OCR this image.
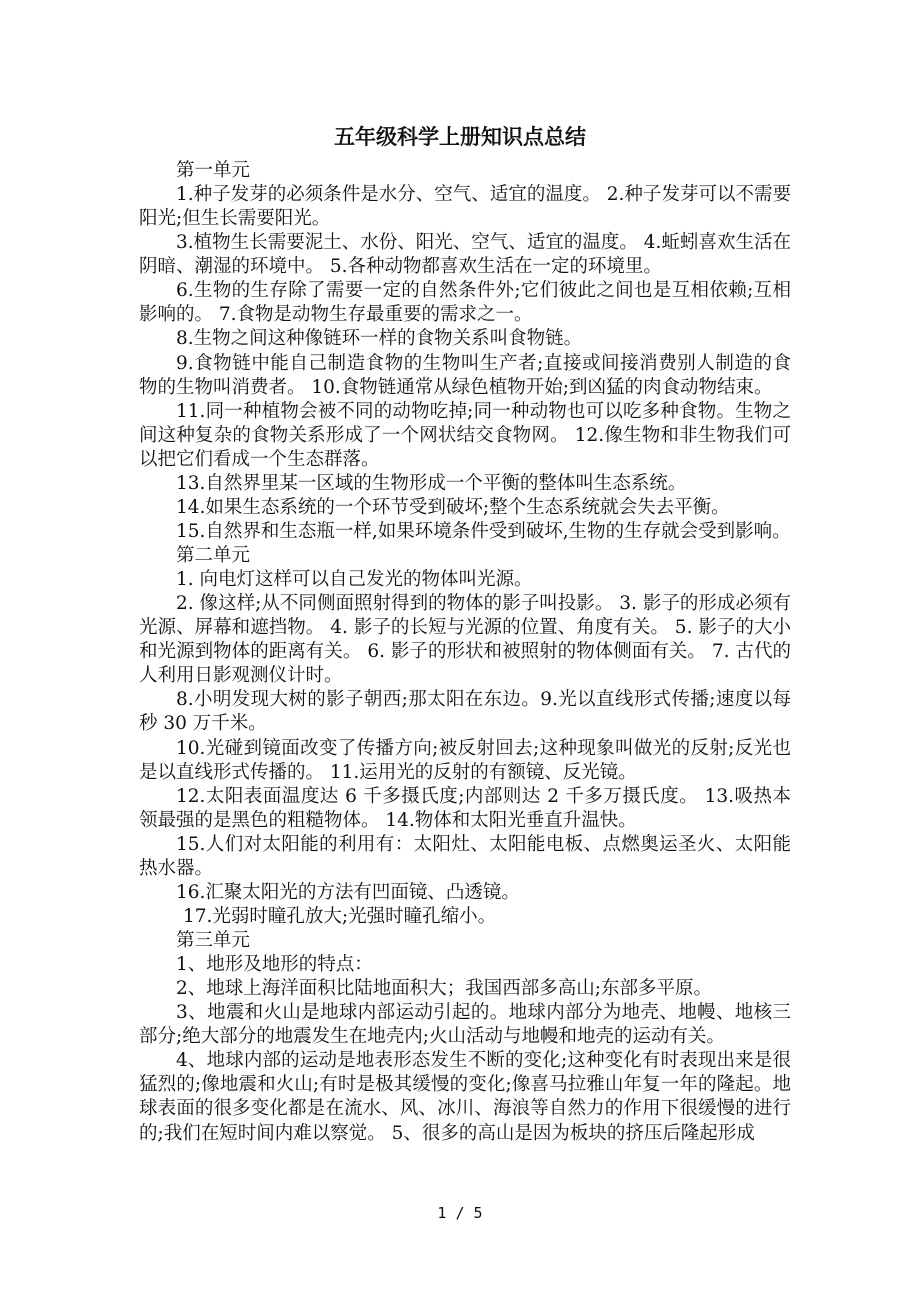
五年级科学上册知识点总结

第一单元

1.种子发芽的必须条件是水分、空气、适宜的温度。 2.种子发芽可以不需要阳光;但生长需要阳光。

3.植物生长需要泥土、水份、阳光、空气、适宜的温度。 4.蚯蚓喜欢生活在阴暗、潮湿的环境中。 5.各种动物都喜欢生活在一定的环境里。

6.生物的生存除了需要一定的自然条件外;它们彼此之间也是互相依赖;互相影响的。 7.食物是动物生存最重要的需求之一。

8.生物之间这种像链环一样的食物关系叫食物链。

9.食物链中能自己制造食物的生物叫生产者;直接或间接消费别人制造的食物的生物叫消费者。 10.食物链通常从绿色植物开始;到凶猛的肉食动物结束。

11.同一种植物会被不同的动物吃掉;同一种动物也可以吃多种食物。生物之间这种复杂的食物关系形成了一个网状结交食物网。 12.像生物和非生物我们可以把它们看成一个生态群落。

13.自然界里某一区域的生物形成一个平衡的整体叫生态系统。

14.如果生态系统的一个环节受到破坏;整个生态系统就会失去平衡。

15.自然界和生态瓶一样,如果环境条件受到破坏,生物的生存就会受到影响。

第二单元

1. 向电灯这样可以自己发光的物体叫光源。

2. 像这样;从不同侧面照射得到的物体的影子叫投影。 3. 影子的形成必须有光源、屏幕和遮挡物。 4. 影子的长短与光源的位置、角度有关。 5. 影子的大小和光源到物体的距离有关。 6. 影子的形状和被照射的物体侧面有关。 7. 古代的人利用日影观测仪计时。

8.小明发现大树的影子朝西;那太阳在东边。9.光以直线形式传播;速度以每秒 30 万千米。

10.光碰到镜面改变了传播方向;被反射回去;这种现象叫做光的反射;反光也是以直线形式传播的。 11.运用光的反射的有额镜、反光镜。

12.太阳表面温度达 6 千多摄氏度;内部则达 2 千多万摄氏度。 13.吸热本领最强的是黑色的粗糙物体。 14.物体和太阳光垂直升温快。

15.人们对太阳能的利用有：太阳灶、太阳能电板、点燃奥运圣火、太阳能热水器。

16.汇聚太阳光的方法有凹面镜、凸透镜。

17.光弱时瞳孔放大;光强时瞳孔缩小。

第三单元

1、地形及地形的特点：

2、地球上海洋面积比陆地面积大；我国西部多高山;东部多平原。

3、地震和火山是地球内部运动引起的。地球内部分为地壳、地幔、地核三部分;绝大部分的地震发生在地壳内;火山活动与地幔和地壳的运动有关。

4、地球内部的运动是地表形态发生不断的变化;这种变化有时表现出来是很猛烈的;像地震和火山;有时是极其缓慢的变化;像喜马拉雅山年复一年的隆起。地球表面的很多变化都是在流水、风、冰川、海浪等自然力的作用下很缓慢的进行的;我们在短时间内难以察觉。 5、很多的高山是因为板块的挤压后隆起形成

1 / 5
